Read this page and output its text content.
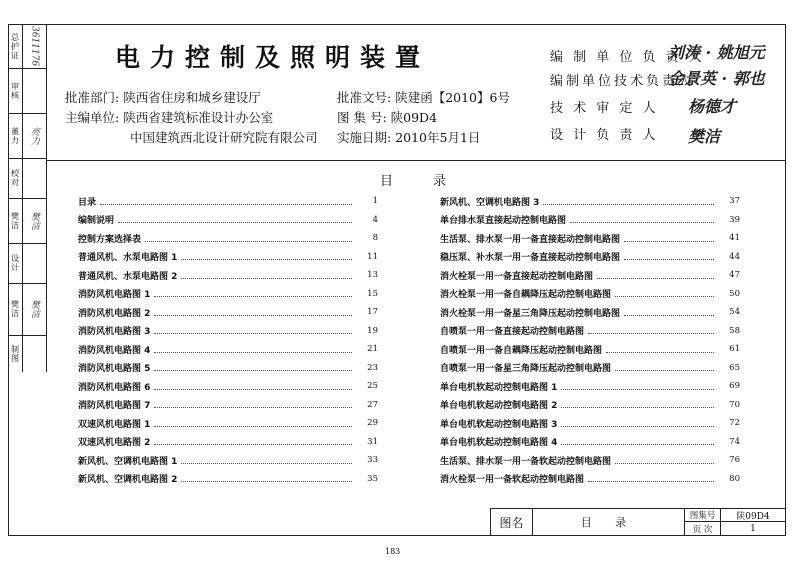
总护证	3611176
审核
董力	亮力
校对
樊洁	樊洁
设计
樊洁	樊洁
制图
电力控制及照明装置
批准部门: 陕西省住房和城乡建设厅
主编单位: 陕西省建筑标准设计办公室
中国建筑西北设计研究院有限公司
批准文号: 陕建函【2010】6号
图 集 号: 陕09D4
实施日期: 2010年5月1日
编 制 单 位 负 责 人
编制单位技术负责人
技 术 审 定 人
设 计 负 责 人
刘涛 · 姚旭元
金景英 · 郭也
杨德才
樊洁
目 录
目录	1
编制说明	4
控制方案选择表	8
普通风机、水泵电路图 1	11
普通风机、水泵电路图 2	13
消防风机电路图 1	15
消防风机电路图 2	17
消防风机电路图 3	19
消防风机电路图 4	21
消防风机电路图 5	23
消防风机电路图 6	25
消防风机电路图 7	27
双速风机电路图 1	29
双速风机电路图 2	31
新风机、空调机电路图 1	33
新风机、空调机电路图 2	35
新风机、空调机电路图 3	37
单台排水泵直接起动控制电路图	39
生活泵、排水泵一用一备直接起动控制电路图	41
稳压泵、补水泵一用一备直接起动控制电路图	44
消火栓泵一用一备直接起动控制电路图	47
消火栓泵一用一备自耦降压起动控制电路图	50
消火栓泵一用一备星三角降压起动控制电路图	54
自喷泵一用一备直接起动控制电路图	58
自喷泵一用一备自耦降压起动控制电路图	61
自喷泵一用一备星三角降压起动控制电路图	65
单台电机软起动控制电路图 1	69
单台电机软起动控制电路图 2	70
单台电机软起动控制电路图 3	72
单台电机软起动控制电路图 4	74
生活泵、排水泵一用一备软起动控制电路图	76
消火栓泵一用一备软起动控制电路图	80
图名	目 录	图集号	陕09D4
页 次	1
183
